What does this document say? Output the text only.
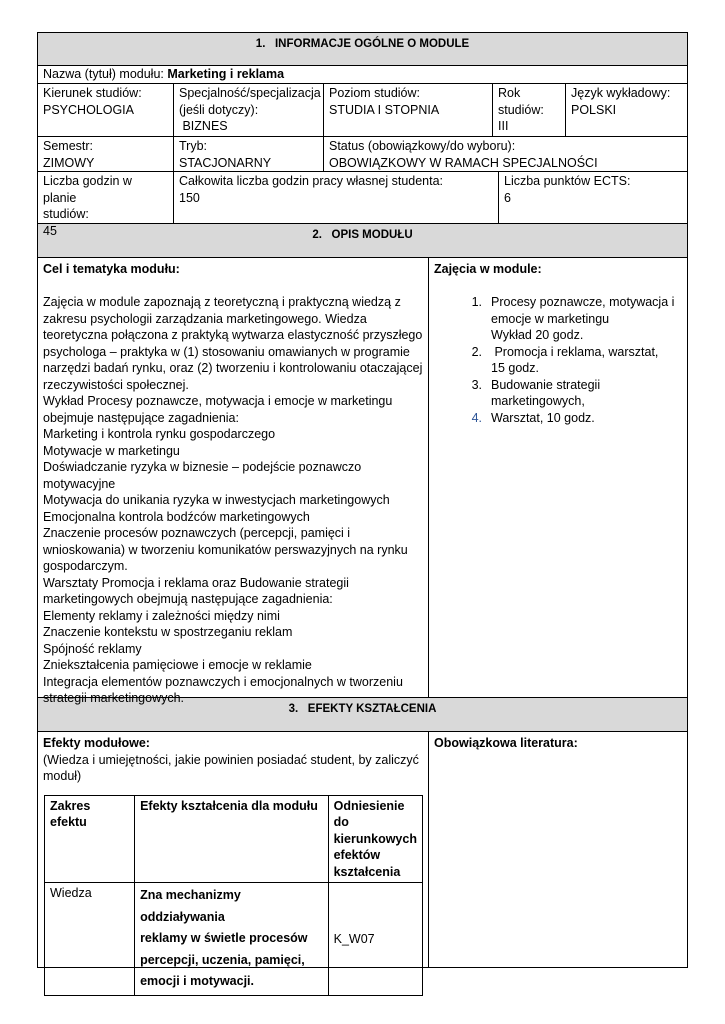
1.   INFORMACJE OGÓLNE O MODULE
Nazwa (tytuł) modułu: Marketing i reklama
Kierunek studiów:
PSYCHOLOGIA
Specjalność/specjalizacja
(jeśli dotyczy):
BIZNES
Poziom studiów:
STUDIA I STOPNIA
Rok
studiów:
III
Język wykładowy:
POLSKI
Semestr:
ZIMOWY
Tryb:
STACJONARNY
Status (obowiązkowy/do wyboru):
OBOWIĄZKOWY W RAMACH SPECJALNOŚCI
Liczba godzin w planie
studiów:
45
Całkowita liczba godzin pracy własnej studenta:
150
Liczba punktów ECTS:
6
2.   OPIS MODUŁU
Cel i tematyka modułu:

Zajęcia w module zapoznają z teoretyczną i praktyczną wiedzą z
zakresu psychologii zarządzania marketingowego. Wiedza
teoretyczna połączona z praktyką wytwarza elastyczność przyszłego
psychologa – praktyka w (1) stosowaniu omawianych w programie
narzędzi badań rynku, oraz (2) tworzeniu i kontrolowaniu otaczającej
rzeczywistości społecznej.
Wykład Procesy poznawcze, motywacja i emocje w marketingu
obejmuje następujące zagadnienia:
Marketing i kontrola rynku gospodarczego
Motywacje w marketingu
Doświadczanie ryzyka w biznesie – podejście poznawczo
motywacyjne
Motywacja do unikania ryzyka w inwestycjach marketingowych
Emocjonalna kontrola bodźców marketingowych
Znaczenie procesów poznawczych (percepcji, pamięci i
wnioskowania) w tworzeniu komunikatów perswazyjnych na rynku
gospodarczym.
Warsztaty Promocja i reklama oraz Budowanie strategii
marketingowych obejmują następujące zagadnienia:
Elementy reklamy i zależności między nimi
Znaczenie kontekstu w spostrzeganiu reklam
Spójność reklamy
Zniekształcenia pamięciowe i emocje w reklamie
Integracja elementów poznawczych i emocjonalnych w tworzeniu
strategii marketingowych.
Zajęcia w module:

1. Procesy poznawcze, motywacja i
emocje w marketingu
Wykład 20 godz.
2. Promocja i reklama, warsztat,
15 godz.
3. Budowanie strategii
marketingowych,
4. Warsztat, 10 godz.
3.   EFEKTY KSZTAŁCENIA
Efekty modułowe:
(Wiedza i umiejętności, jakie powinien posiadać student, by zaliczyć
moduł)
Zakres
efektu	Efekty kształcenia dla modułu	Odniesienie
do
kierunkowych
efektów
kształcenia

Wiedza	Zna mechanizmy oddziaływania
reklamy w świetle procesów
percepcji, uczenia, pamięci,
emocji i motywacji.	K_W07
Obowiązkowa literatura:
